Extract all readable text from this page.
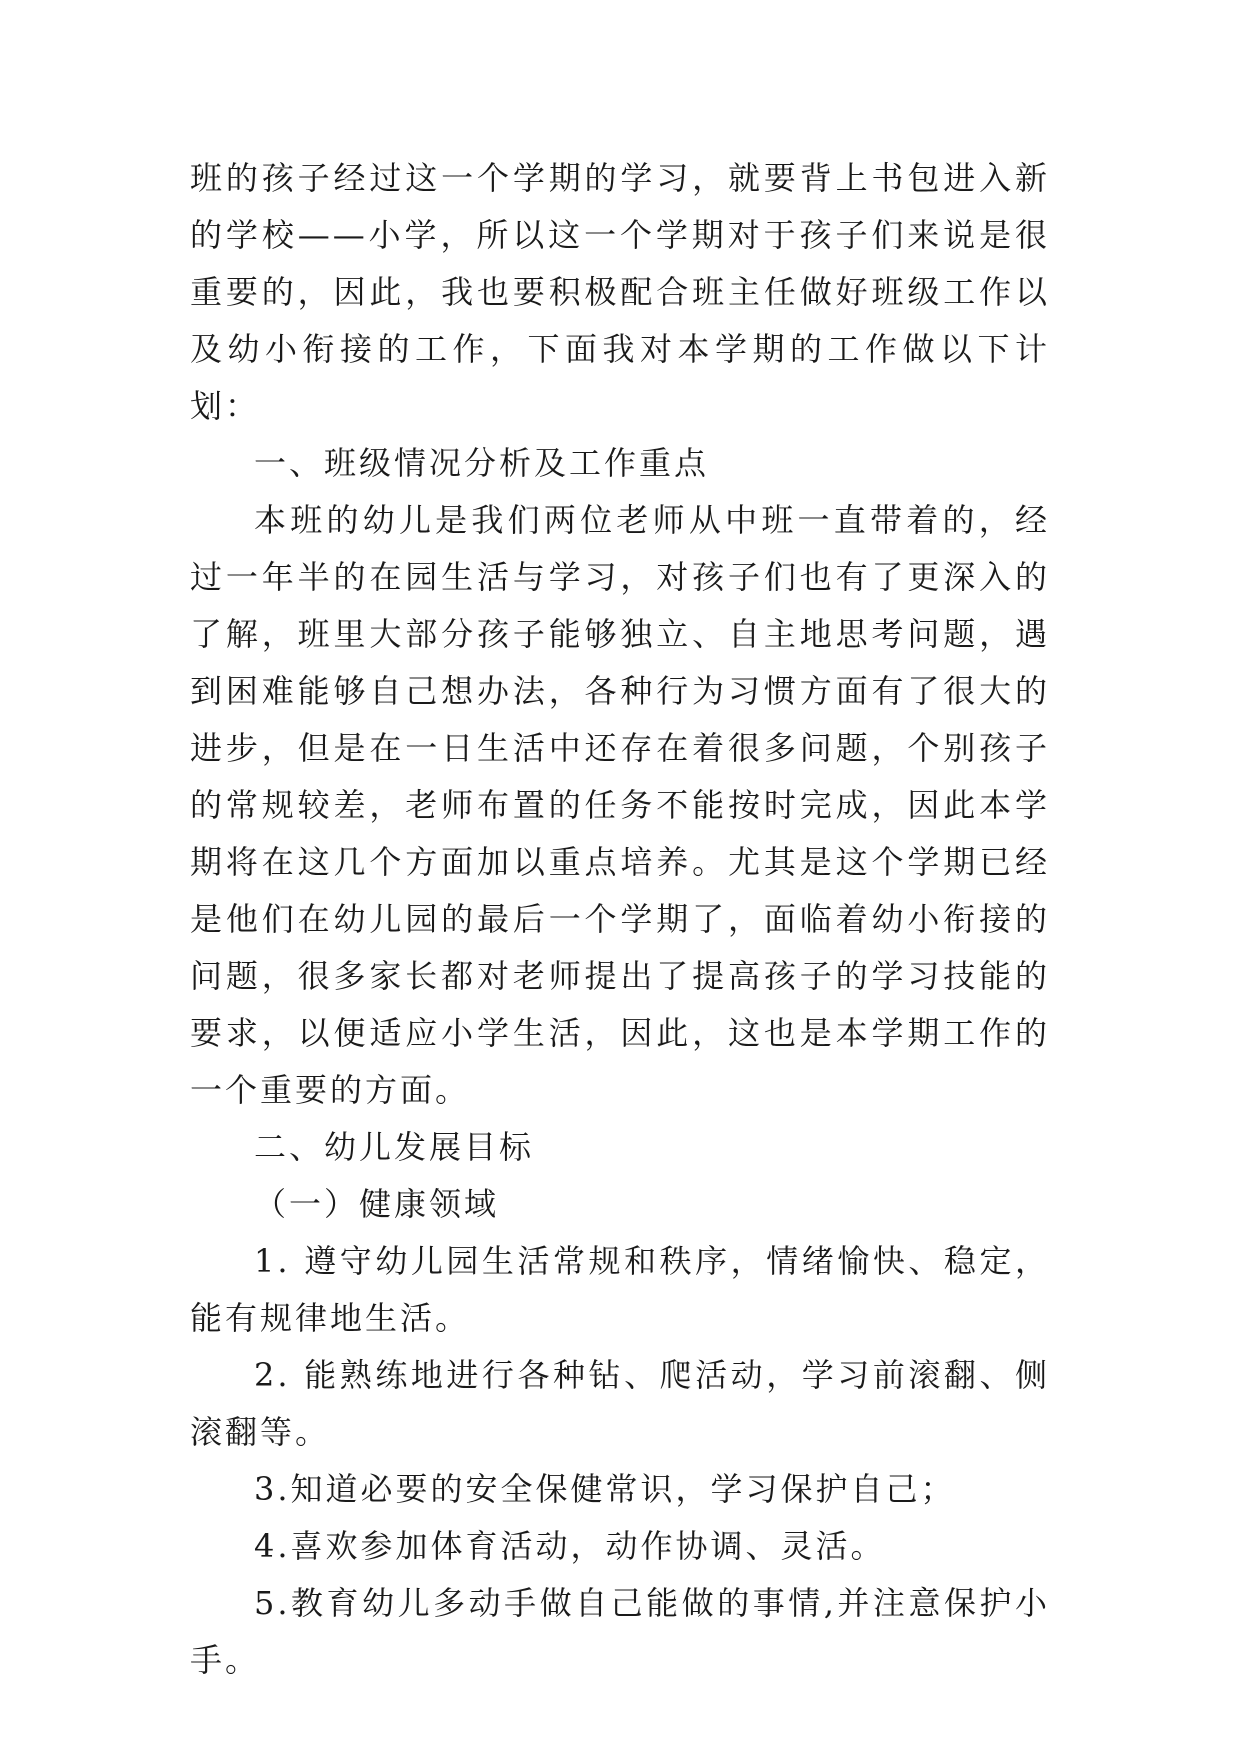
班的孩子经过这一个学期的学习，就要背上书包进入新的学校——小学，所以这一个学期对于孩子们来说是很重要的，因此，我也要积极配合班主任做好班级工作以及幼小衔接的工作，下面我对本学期的工作做以下计划：

一、班级情况分析及工作重点

本班的幼儿是我们两位老师从中班一直带着的，经过一年半的在园生活与学习，对孩子们也有了更深入的了解，班里大部分孩子能够独立、自主地思考问题，遇到困难能够自己想办法，各种行为习惯方面有了很大的进步，但是在一日生活中还存在着很多问题，个别孩子的常规较差，老师布置的任务不能按时完成，因此本学期将在这几个方面加以重点培养。尤其是这个学期已经是他们在幼儿园的最后一个学期了，面临着幼小衔接的问题，很多家长都对老师提出了提高孩子的学习技能的要求，以便适应小学生活，因此，这也是本学期工作的一个重要的方面。

二、幼儿发展目标

（一）健康领域

1. 遵守幼儿园生活常规和秩序，情绪愉快、稳定，能有规律地生活。

2. 能熟练地进行各种钻、爬活动，学习前滚翻、侧滚翻等。

3.知道必要的安全保健常识，学习保护自己；

4.喜欢参加体育活动，动作协调、灵活。

5.教育幼儿多动手做自己能做的事情,并注意保护小手。
